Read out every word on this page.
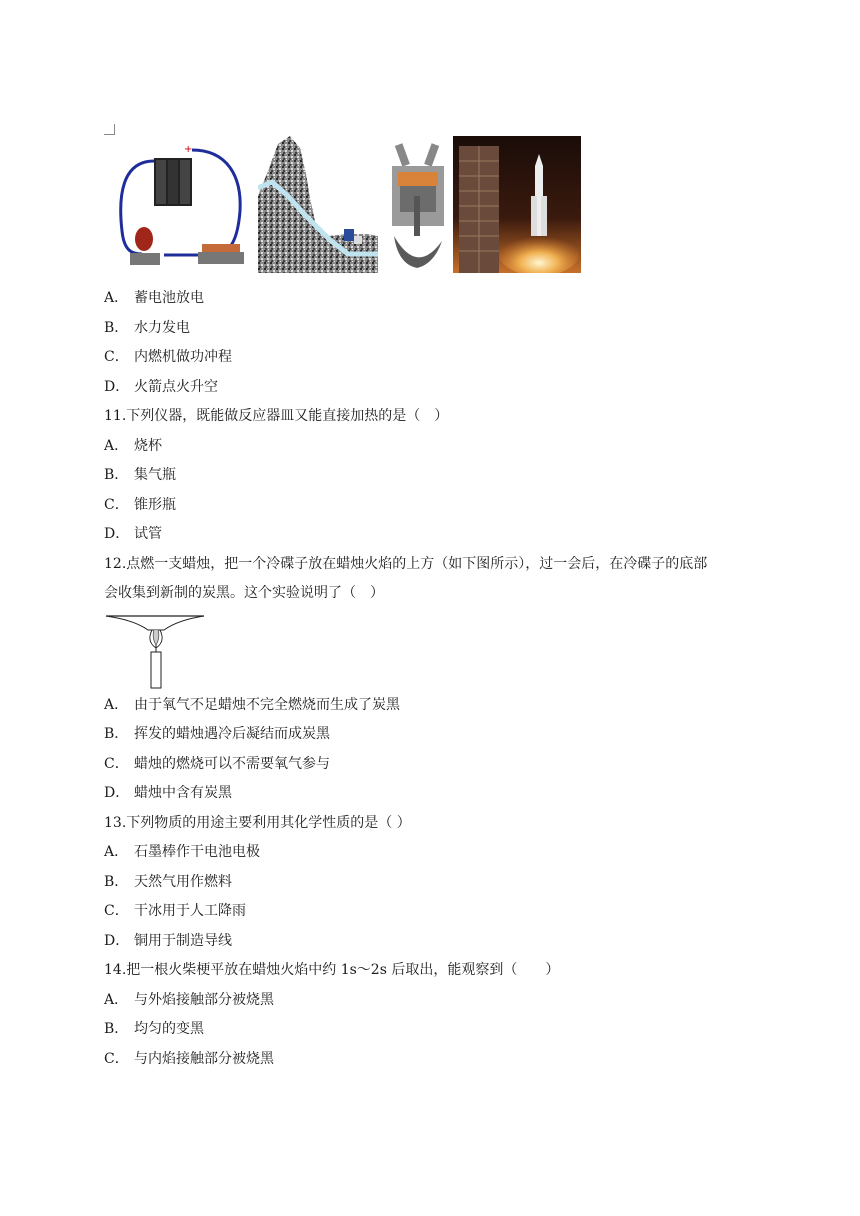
+
A． 蓄电池放电
B． 水力发电
C． 内燃机做功冲程
D． 火箭点火升空
11.下列仪器，既能做反应器皿又能直接加热的是（　）
A． 烧杯
B． 集气瓶
C． 锥形瓶
D． 试管
12.点燃一支蜡烛，把一个冷碟子放在蜡烛火焰的上方（如下图所示），过一会后，在冷碟子的底部
会收集到新制的炭黑。这个实验说明了（　）
A． 由于氧气不足蜡烛不完全燃烧而生成了炭黑
B． 挥发的蜡烛遇冷后凝结而成炭黑
C． 蜡烛的燃烧可以不需要氧气参与
D． 蜡烛中含有炭黑
13.下列物质的用途主要利用其化学性质的是（ ）
A． 石墨棒作干电池电极
B． 天然气用作燃料
C． 干冰用于人工降雨
D． 铜用于制造导线
14.把一根火柴梗平放在蜡烛火焰中约 1s～2s 后取出，能观察到（　　）
A． 与外焰接触部分被烧黑
B． 均匀的变黑
C． 与内焰接触部分被烧黑
